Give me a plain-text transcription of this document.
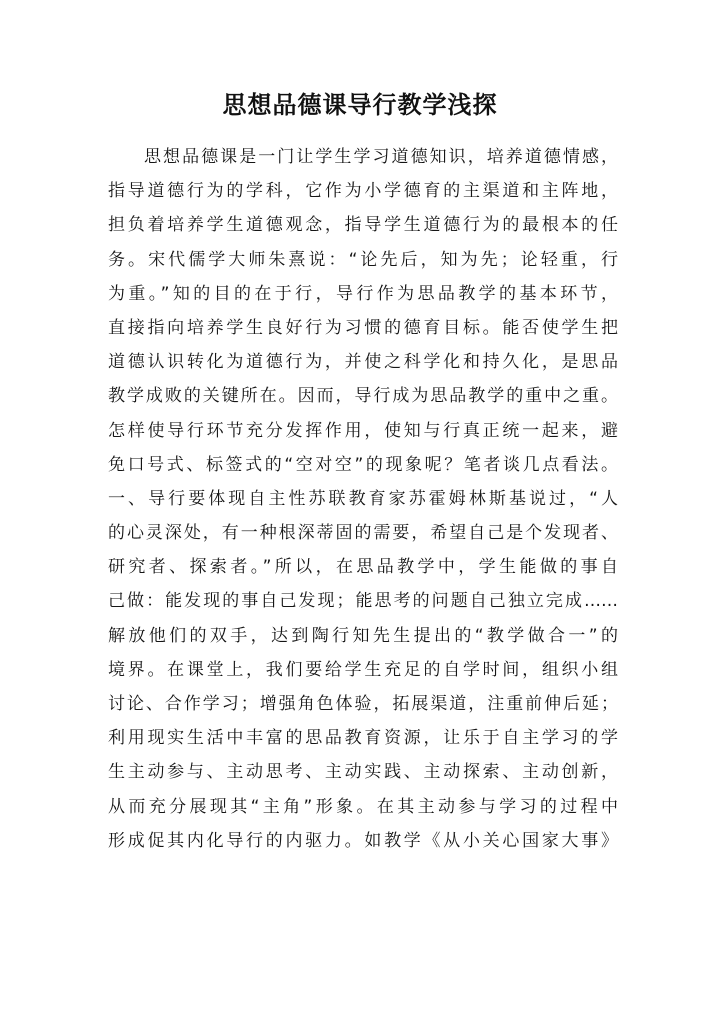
思想品德课导行教学浅探
思想品德课是一门让学生学习道德知识，培养道德情感，
指导道德行为的学科，它作为小学德育的主渠道和主阵地，
担负着培养学生道德观念，指导学生道德行为的最根本的任
务。宋代儒学大师朱熹说：“论先后，知为先；论轻重，行
为重。”知的目的在于行，导行作为思品教学的基本环节，
直接指向培养学生良好行为习惯的德育目标。能否使学生把
道德认识转化为道德行为，并使之科学化和持久化，是思品
教学成败的关键所在。因而，导行成为思品教学的重中之重。
怎样使导行环节充分发挥作用，使知与行真正统一起来，避
免口号式、标签式的“空对空”的现象呢？笔者谈几点看法。
一、导行要体现自主性苏联教育家苏霍姆林斯基说过，“人
的心灵深处，有一种根深蒂固的需要，希望自己是个发现者、
研究者、探索者。”所以，在思品教学中，学生能做的事自
己做：能发现的事自己发现；能思考的问题自己独立完成……
解放他们的双手，达到陶行知先生提出的“教学做合一”的
境界。在课堂上，我们要给学生充足的自学时间，组织小组
讨论、合作学习；增强角色体验，拓展渠道，注重前伸后延；
利用现实生活中丰富的思品教育资源，让乐于自主学习的学
生主动参与、主动思考、主动实践、主动探索、主动创新，
从而充分展现其“主角”形象。在其主动参与学习的过程中
形成促其内化导行的内驱力。如教学《从小关心国家大事》
